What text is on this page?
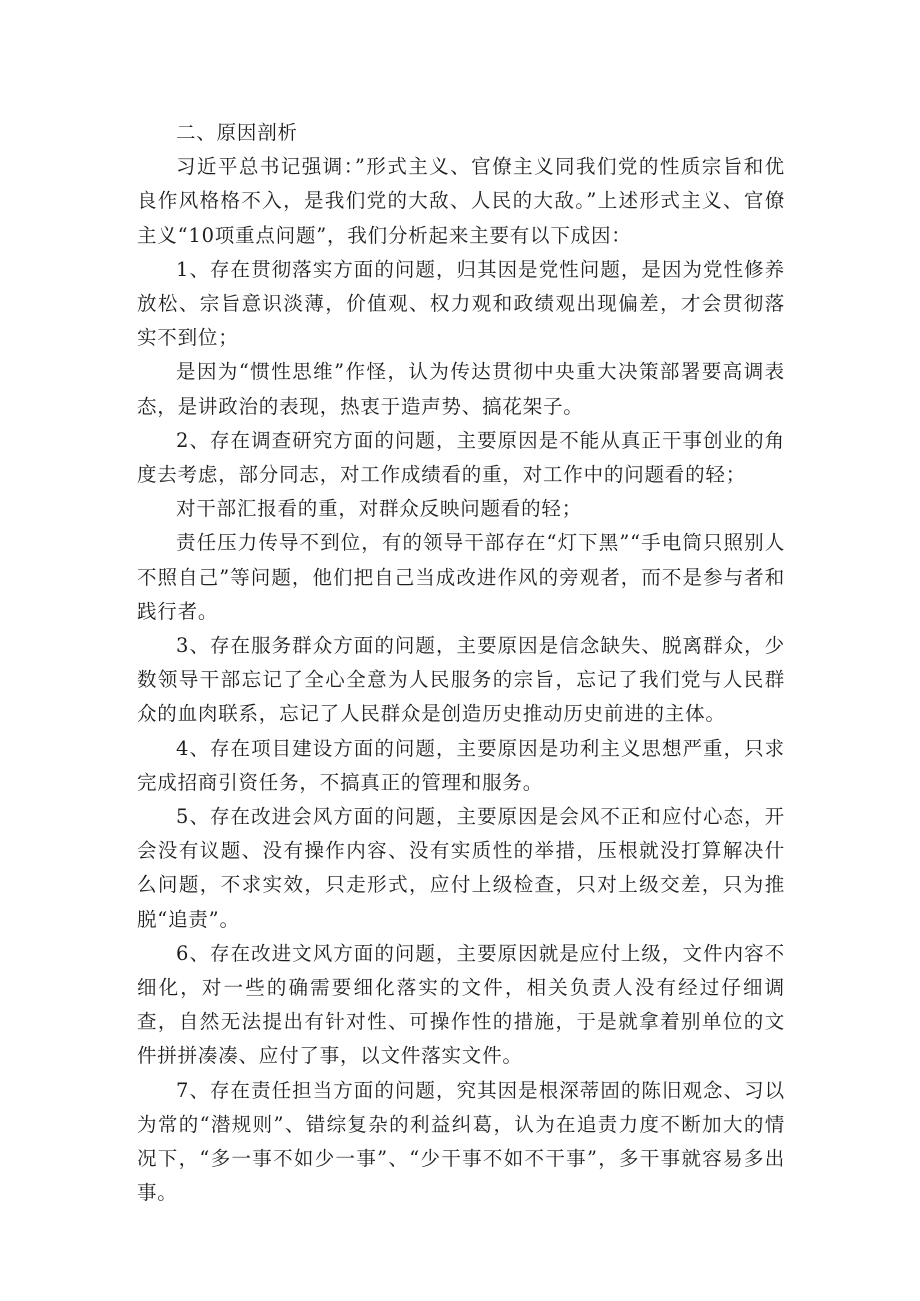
二、原因剖析

习近平总书记强调：”形式主义、官僚主义同我们党的性质宗旨和优良作风格格不入，是我们党的大敌、人民的大敌。”上述形式主义、官僚主义“10项重点问题”，我们分析起来主要有以下成因：

1、存在贯彻落实方面的问题，归其因是党性问题，是因为党性修养放松、宗旨意识淡薄，价值观、权力观和政绩观出现偏差，才会贯彻落实不到位；

是因为“惯性思维”作怪，认为传达贯彻中央重大决策部署要高调表态，是讲政治的表现，热衷于造声势、搞花架子。

2、存在调查研究方面的问题，主要原因是不能从真正干事创业的角度去考虑，部分同志，对工作成绩看的重，对工作中的问题看的轻；

对干部汇报看的重，对群众反映问题看的轻；

责任压力传导不到位，有的领导干部存在“灯下黑”“手电筒只照别人不照自己”等问题，他们把自己当成改进作风的旁观者，而不是参与者和践行者。

3、存在服务群众方面的问题，主要原因是信念缺失、脱离群众，少数领导干部忘记了全心全意为人民服务的宗旨，忘记了我们党与人民群众的血肉联系，忘记了人民群众是创造历史推动历史前进的主体。

4、存在项目建设方面的问题，主要原因是功利主义思想严重，只求完成招商引资任务，不搞真正的管理和服务。

5、存在改进会风方面的问题，主要原因是会风不正和应付心态，开会没有议题、没有操作内容、没有实质性的举措，压根就没打算解决什么问题，不求实效，只走形式，应付上级检查，只对上级交差，只为推脱“追责”。

6、存在改进文风方面的问题，主要原因就是应付上级，文件内容不细化，对一些的确需要细化落实的文件，相关负责人没有经过仔细调查，自然无法提出有针对性、可操作性的措施，于是就拿着别单位的文件拼拼凑凑、应付了事，以文件落实文件。

7、存在责任担当方面的问题，究其因是根深蒂固的陈旧观念、习以为常的“潜规则”、错综复杂的利益纠葛，认为在追责力度不断加大的情况下，“多一事不如少一事”、“少干事不如不干事”，多干事就容易多出事。
